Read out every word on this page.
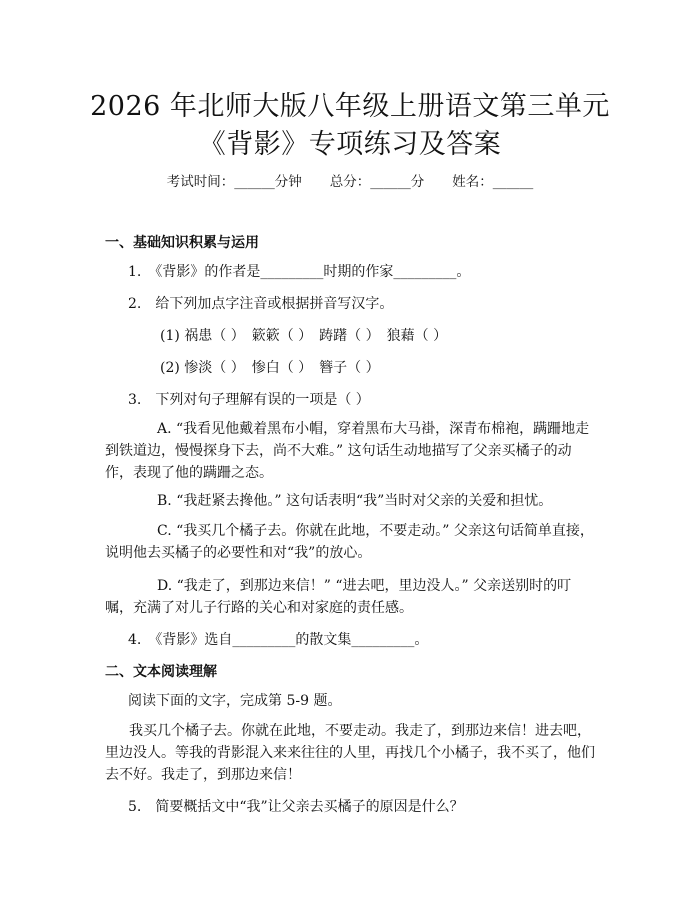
2026 年北师大版八年级上册语文第三单元
《背影》专项练习及答案
考试时间：______分钟 总分：______分 姓名：______
一、基础知识积累与运用
1.　《背影》的作者是_________时期的作家_________。
2.　给下列加点字注音或根据拼音写汉字。
(1) 祸患（ ）　簌簌（ ）　踌躇（ ）　狼藉（ ）
(2) 惨淡（ ）　惨白（ ）　簪子（ ）
3.　下列对句子理解有误的一项是（ ）
A. “我看见他戴着黑布小帽，穿着黑布大马褂，深青布棉袍，蹒跚地走到铁道边，慢慢探身下去，尚不大难。” 这句话生动地描写了父亲买橘子的动作，表现了他的蹒跚之态。
B. “我赶紧去搀他。” 这句话表明“我”当时对父亲的关爱和担忧。
C. “我买几个橘子去。你就在此地，不要走动。” 父亲这句话简单直接，说明他去买橘子的必要性和对“我”的放心。
D. “我走了，到那边来信！” “进去吧，里边没人。” 父亲送别时的叮嘱，充满了对儿子行路的关心和对家庭的责任感。
4.　《背影》选自_________的散文集_________。
二、文本阅读理解
阅读下面的文字，完成第 5-9 题。
我买几个橘子去。你就在此地，不要走动。我走了，到那边来信！进去吧，里边没人。等我的背影混入来来往往的人里，再找几个小橘子，我不买了，他们去不好。我走了，到那边来信！
5.　简要概括文中“我”让父亲去买橘子的原因是什么？
